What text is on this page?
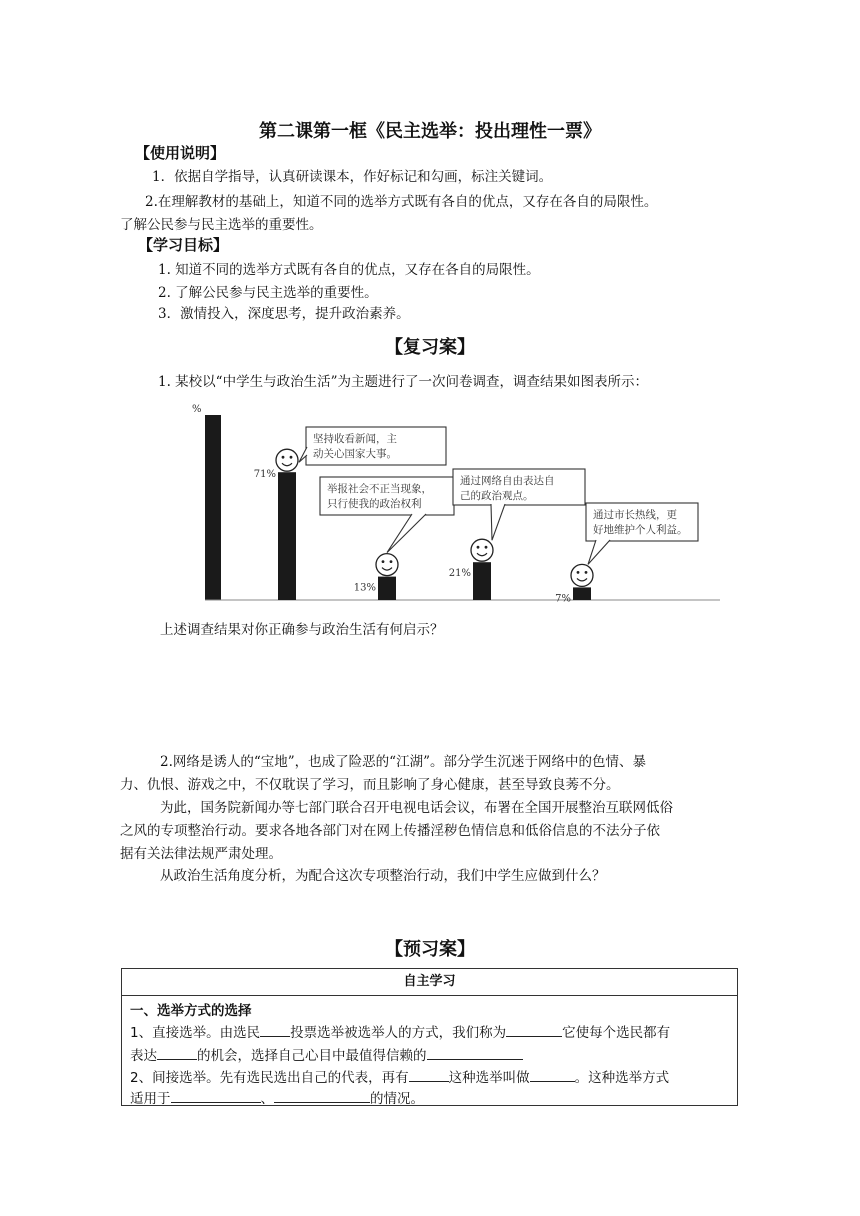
第二课第一框《民主选举：投出理性一票》
【使用说明】
1．依据自学指导，认真研读课本，作好标记和勾画，标注关键词。
2.在理解教材的基础上，知道不同的选举方式既有各自的优点，又存在各自的局限性。
了解公民参与民主选举的重要性。
【学习目标】
1. 知道不同的选举方式既有各自的优点，又存在各自的局限性。
2. 了解公民参与民主选举的重要性。
3．激情投入，深度思考，提升政治素养。
【复习案】
1. 某校以“中学生与政治生活”为主题进行了一次问卷调查，调查结果如图表所示：
%
71%
坚持收看新闻，主
动关心国家大事。
13%
举报社会不正当现象，
只行使我的政治权利
21%
通过网络自由表达自
己的政治观点。
7%
通过市长热线，更
好地维护个人利益。
上述调查结果对你正确参与政治生活有何启示？
2.网络是诱人的“宝地”，也成了险恶的“江湖”。部分学生沉迷于网络中的色情、暴
力、仇恨、游戏之中，不仅耽误了学习，而且影响了身心健康，甚至导致良莠不分。
为此，国务院新闻办等七部门联合召开电视电话会议，布署在全国开展整治互联网低俗
之风的专项整治行动。要求各地各部门对在网上传播淫秽色情信息和低俗信息的不法分子依
据有关法律法规严肃处理。
从政治生活角度分析，为配合这次专项整治行动，我们中学生应做到什么？
【预习案】
自主学习
一、选举方式的选择
1、直接选举。由选民 投票选举被选举人的方式，我们称为	它使每个选民都有
表达	的机会，选择自己心目中最值得信赖的
2、间接选举。先有选民选出自己的代表，再有	这种选举叫做	。这种选举方式
适用于	、	的情况。
